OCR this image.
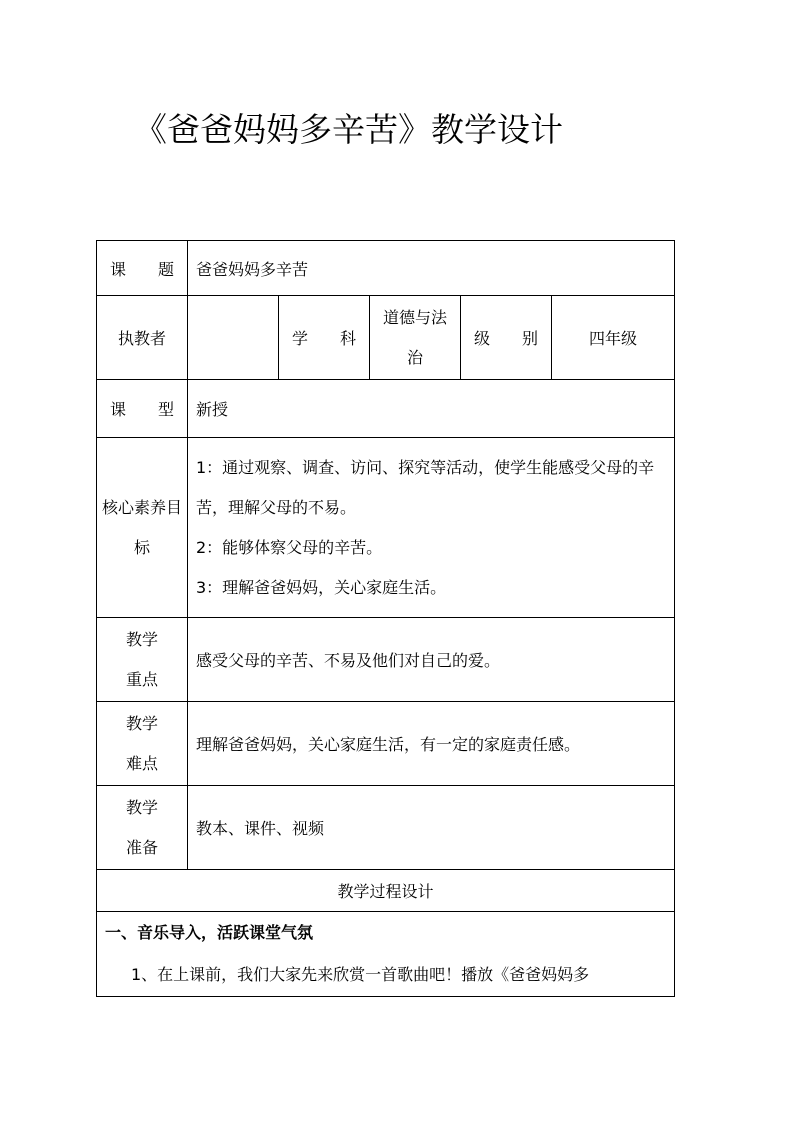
《爸爸妈妈多辛苦》教学设计
课　　题	爸爸妈妈多辛苦				
执教者		学　　科	道德与法治	级　　别	四年级
课　　型	新授				
核心素养目标	1：通过观察、调查、访问、探究等活动，使学生能感受父母的辛苦，理解父母的不易。
2：能够体察父母的辛苦。
3：理解爸爸妈妈，关心家庭生活。				

教学重点	感受父母的辛苦、不易及他们对自己的爱。				
教学难点	理解爸爸妈妈，关心家庭生活，有一定的家庭责任感。				
教学准备	教本、课件、视频				
教学过程设计					

一、音乐导入，活跃课堂气氛
1、在上课前，我们大家先来欣赏一首歌曲吧！播放《爸爸妈妈多					
